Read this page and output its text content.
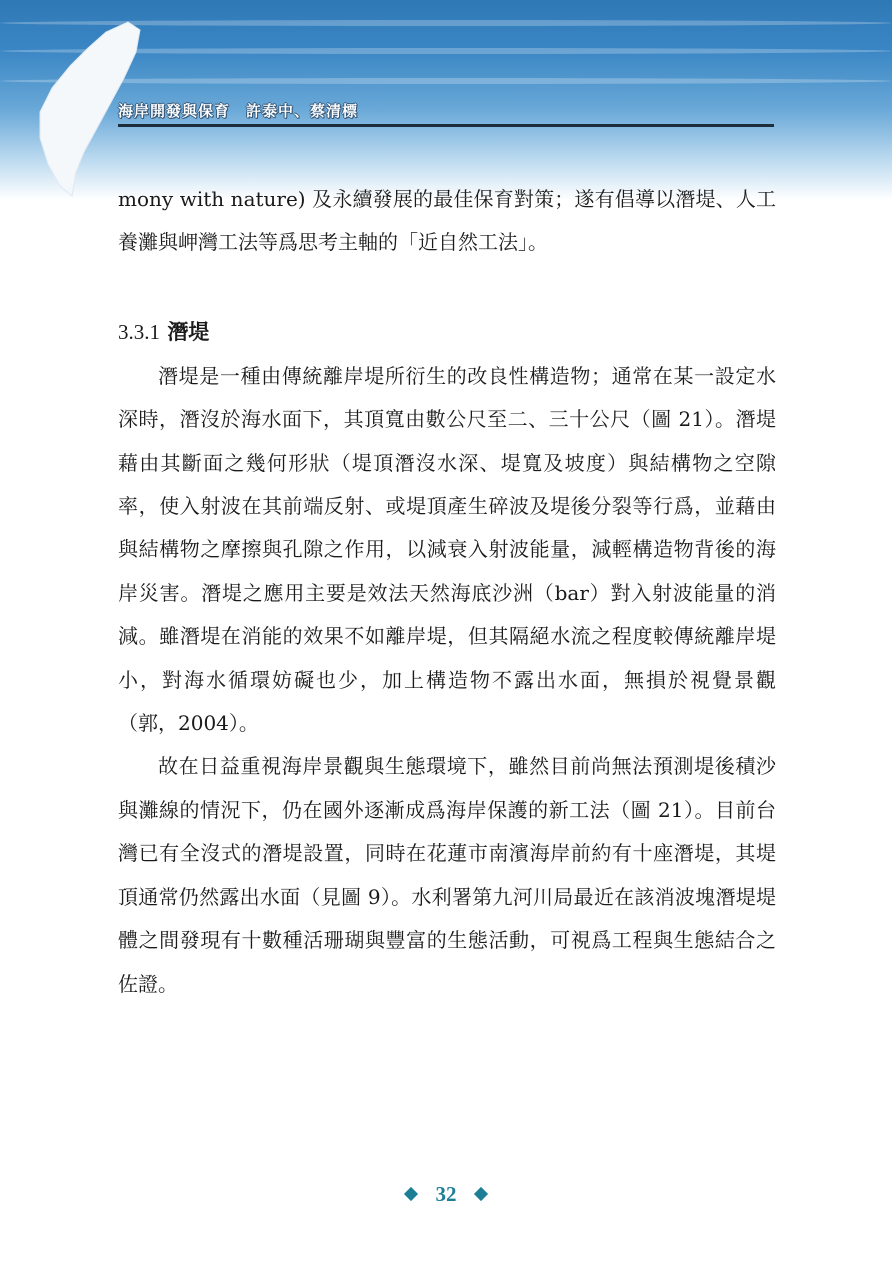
海岸開發與保育　許泰中、蔡清標

mony with nature) 及永續發展的最佳保育對策；遂有倡導以潛堤、人工養灘與岬灣工法等爲思考主軸的「近自然工法」。

3.3.1 潛堤

潛堤是一種由傳統離岸堤所衍生的改良性構造物；通常在某一設定水深時，潛沒於海水面下，其頂寬由數公尺至二、三十公尺（圖 21）。潛堤藉由其斷面之幾何形狀（堤頂潛沒水深、堤寬及坡度）與結構物之空隙率，使入射波在其前端反射、或堤頂產生碎波及堤後分裂等行爲，並藉由與結構物之摩擦與孔隙之作用，以減衰入射波能量，減輕構造物背後的海岸災害。潛堤之應用主要是效法天然海底沙洲（bar）對入射波能量的消減。雖潛堤在消能的效果不如離岸堤，但其隔絕水流之程度較傳統離岸堤小，對海水循環妨礙也少，加上構造物不露出水面，無損於視覺景觀（郭，2004）。

故在日益重視海岸景觀與生態環境下，雖然目前尚無法預測堤後積沙與灘線的情況下，仍在國外逐漸成爲海岸保護的新工法（圖 21）。目前台灣已有全沒式的潛堤設置，同時在花蓮市南濱海岸前約有十座潛堤，其堤頂通常仍然露出水面（見圖 9）。水利署第九河川局最近在該消波塊潛堤堤體之間發現有十數種活珊瑚與豐富的生態活動，可視爲工程與生態結合之佐證。

32
